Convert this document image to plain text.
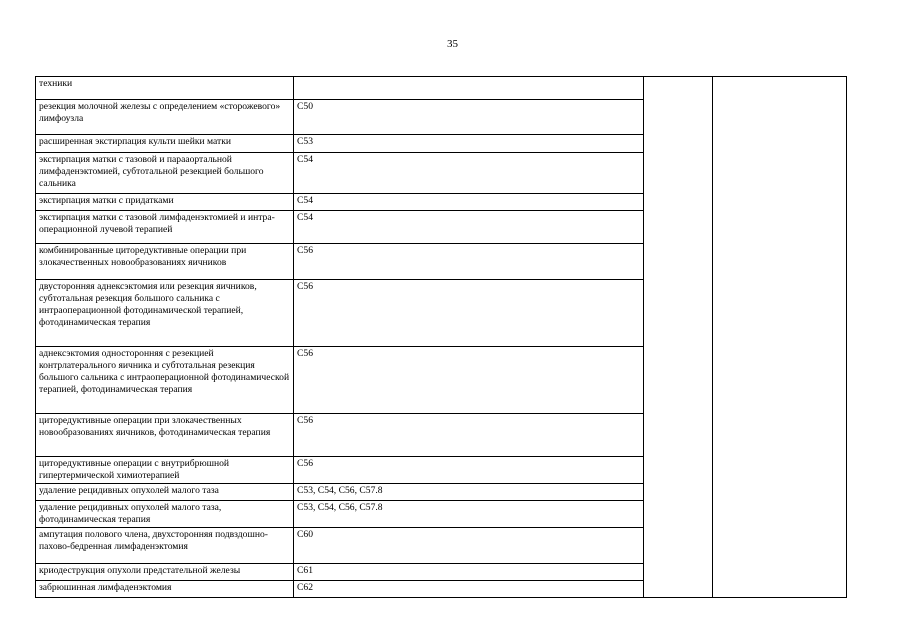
35
техники			
резекция молочной железы с определением «сторожевого» лимфоузла	C50		
расширенная экстирпация культи шейки матки	C53		
экстирпация матки с тазовой и парааортальной лимфаденэктомией, субтотальной резекцией большого сальника	C54		
экстирпация матки с придатками	C54		
экстирпация матки с тазовой лимфаденэктомией и интра-операционной лучевой терапией	C54		
комбинированные циторедуктивные операции при злокачественных новообразованиях яичников	C56		
двусторонняя аднексэктомия или резекция яичников, субтотальная резекция большого сальника с интраоперационной фотодинамической терапией, фотодинамическая терапия	C56		
аднексэктомия односторонняя с резекцией контрлатерального яичника и субтотальная резекция большого сальника с интраоперационной фотодинамической терапией, фотодинамическая терапия	C56		
циторедуктивные операции при злокачественных новообразованиях яичников, фотодинамическая терапия	C56		
циторедуктивные операции с внутрибрюшной гипертермической химиотерапией	C56		
удаление рецидивных опухолей малого таза	C53, C54, C56, C57.8		
удаление рецидивных опухолей малого таза, фотодинамическая терапия	C53, C54, C56, C57.8		
ампутация полового члена, двухсторонняя подвздошно-пахово-бедренная лимфаденэктомия	C60		
криодеструкция опухоли предстательной железы	C61		
забрюшинная лимфаденэктомия	C62		
